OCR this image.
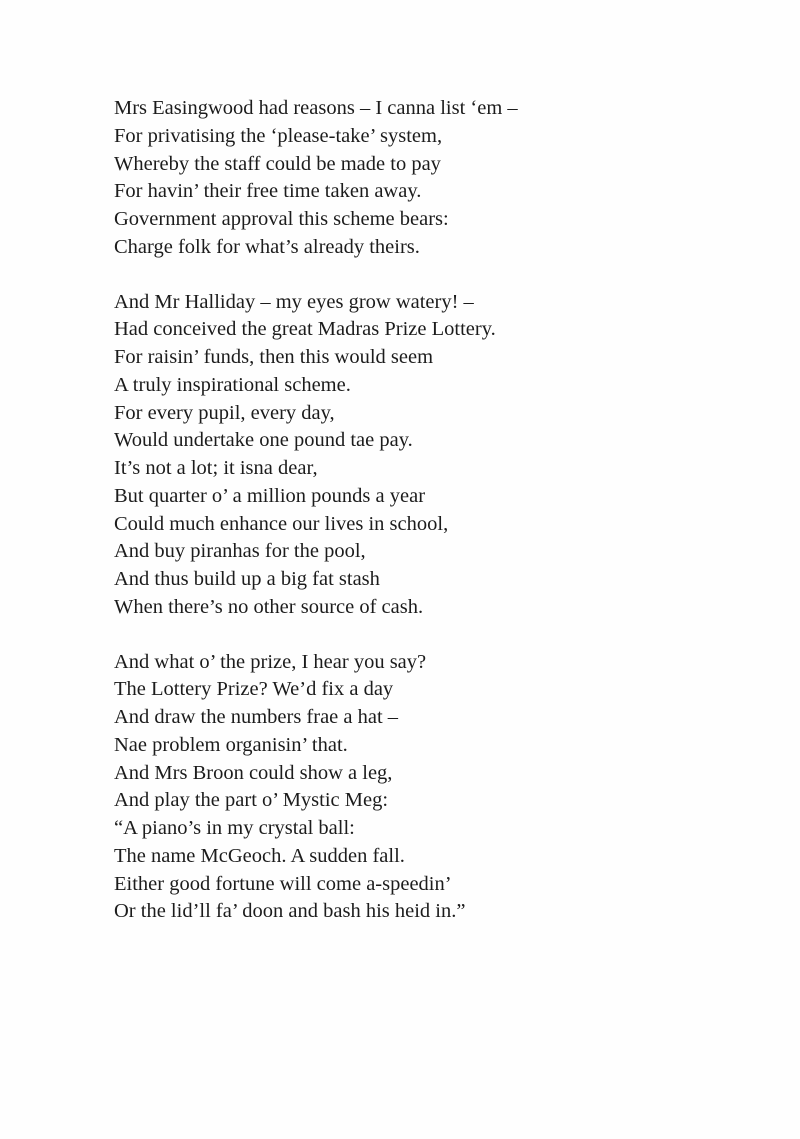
Mrs Easingwood had reasons – I canna list ‘em –
For privatising the ‘please-take’ system,
Whereby the staff could be made to pay
For havin’ their free time taken away.
Government approval this scheme bears:
Charge folk for what’s already theirs.
And Mr Halliday – my eyes grow watery! –
Had conceived the great Madras Prize Lottery.
For raisin’ funds, then this would seem
A truly inspirational scheme.
For every pupil, every day,
Would undertake one pound tae pay.
It’s not a lot; it isna dear,
But quarter o’ a million pounds a year
Could much enhance our lives in school,
And buy piranhas for the pool,
And thus build up a big fat stash
When there’s no other source of cash.
And what o’ the prize, I hear you say?
The Lottery Prize? We’d fix a day
And draw the numbers frae a hat –
Nae problem organisin’ that.
And Mrs Broon could show a leg,
And play the part o’ Mystic Meg:
“A piano’s in my crystal ball:
The name McGeoch. A sudden fall.
Either good fortune will come a-speedin’
Or the lid’ll fa’ doon and bash his heid in.”
